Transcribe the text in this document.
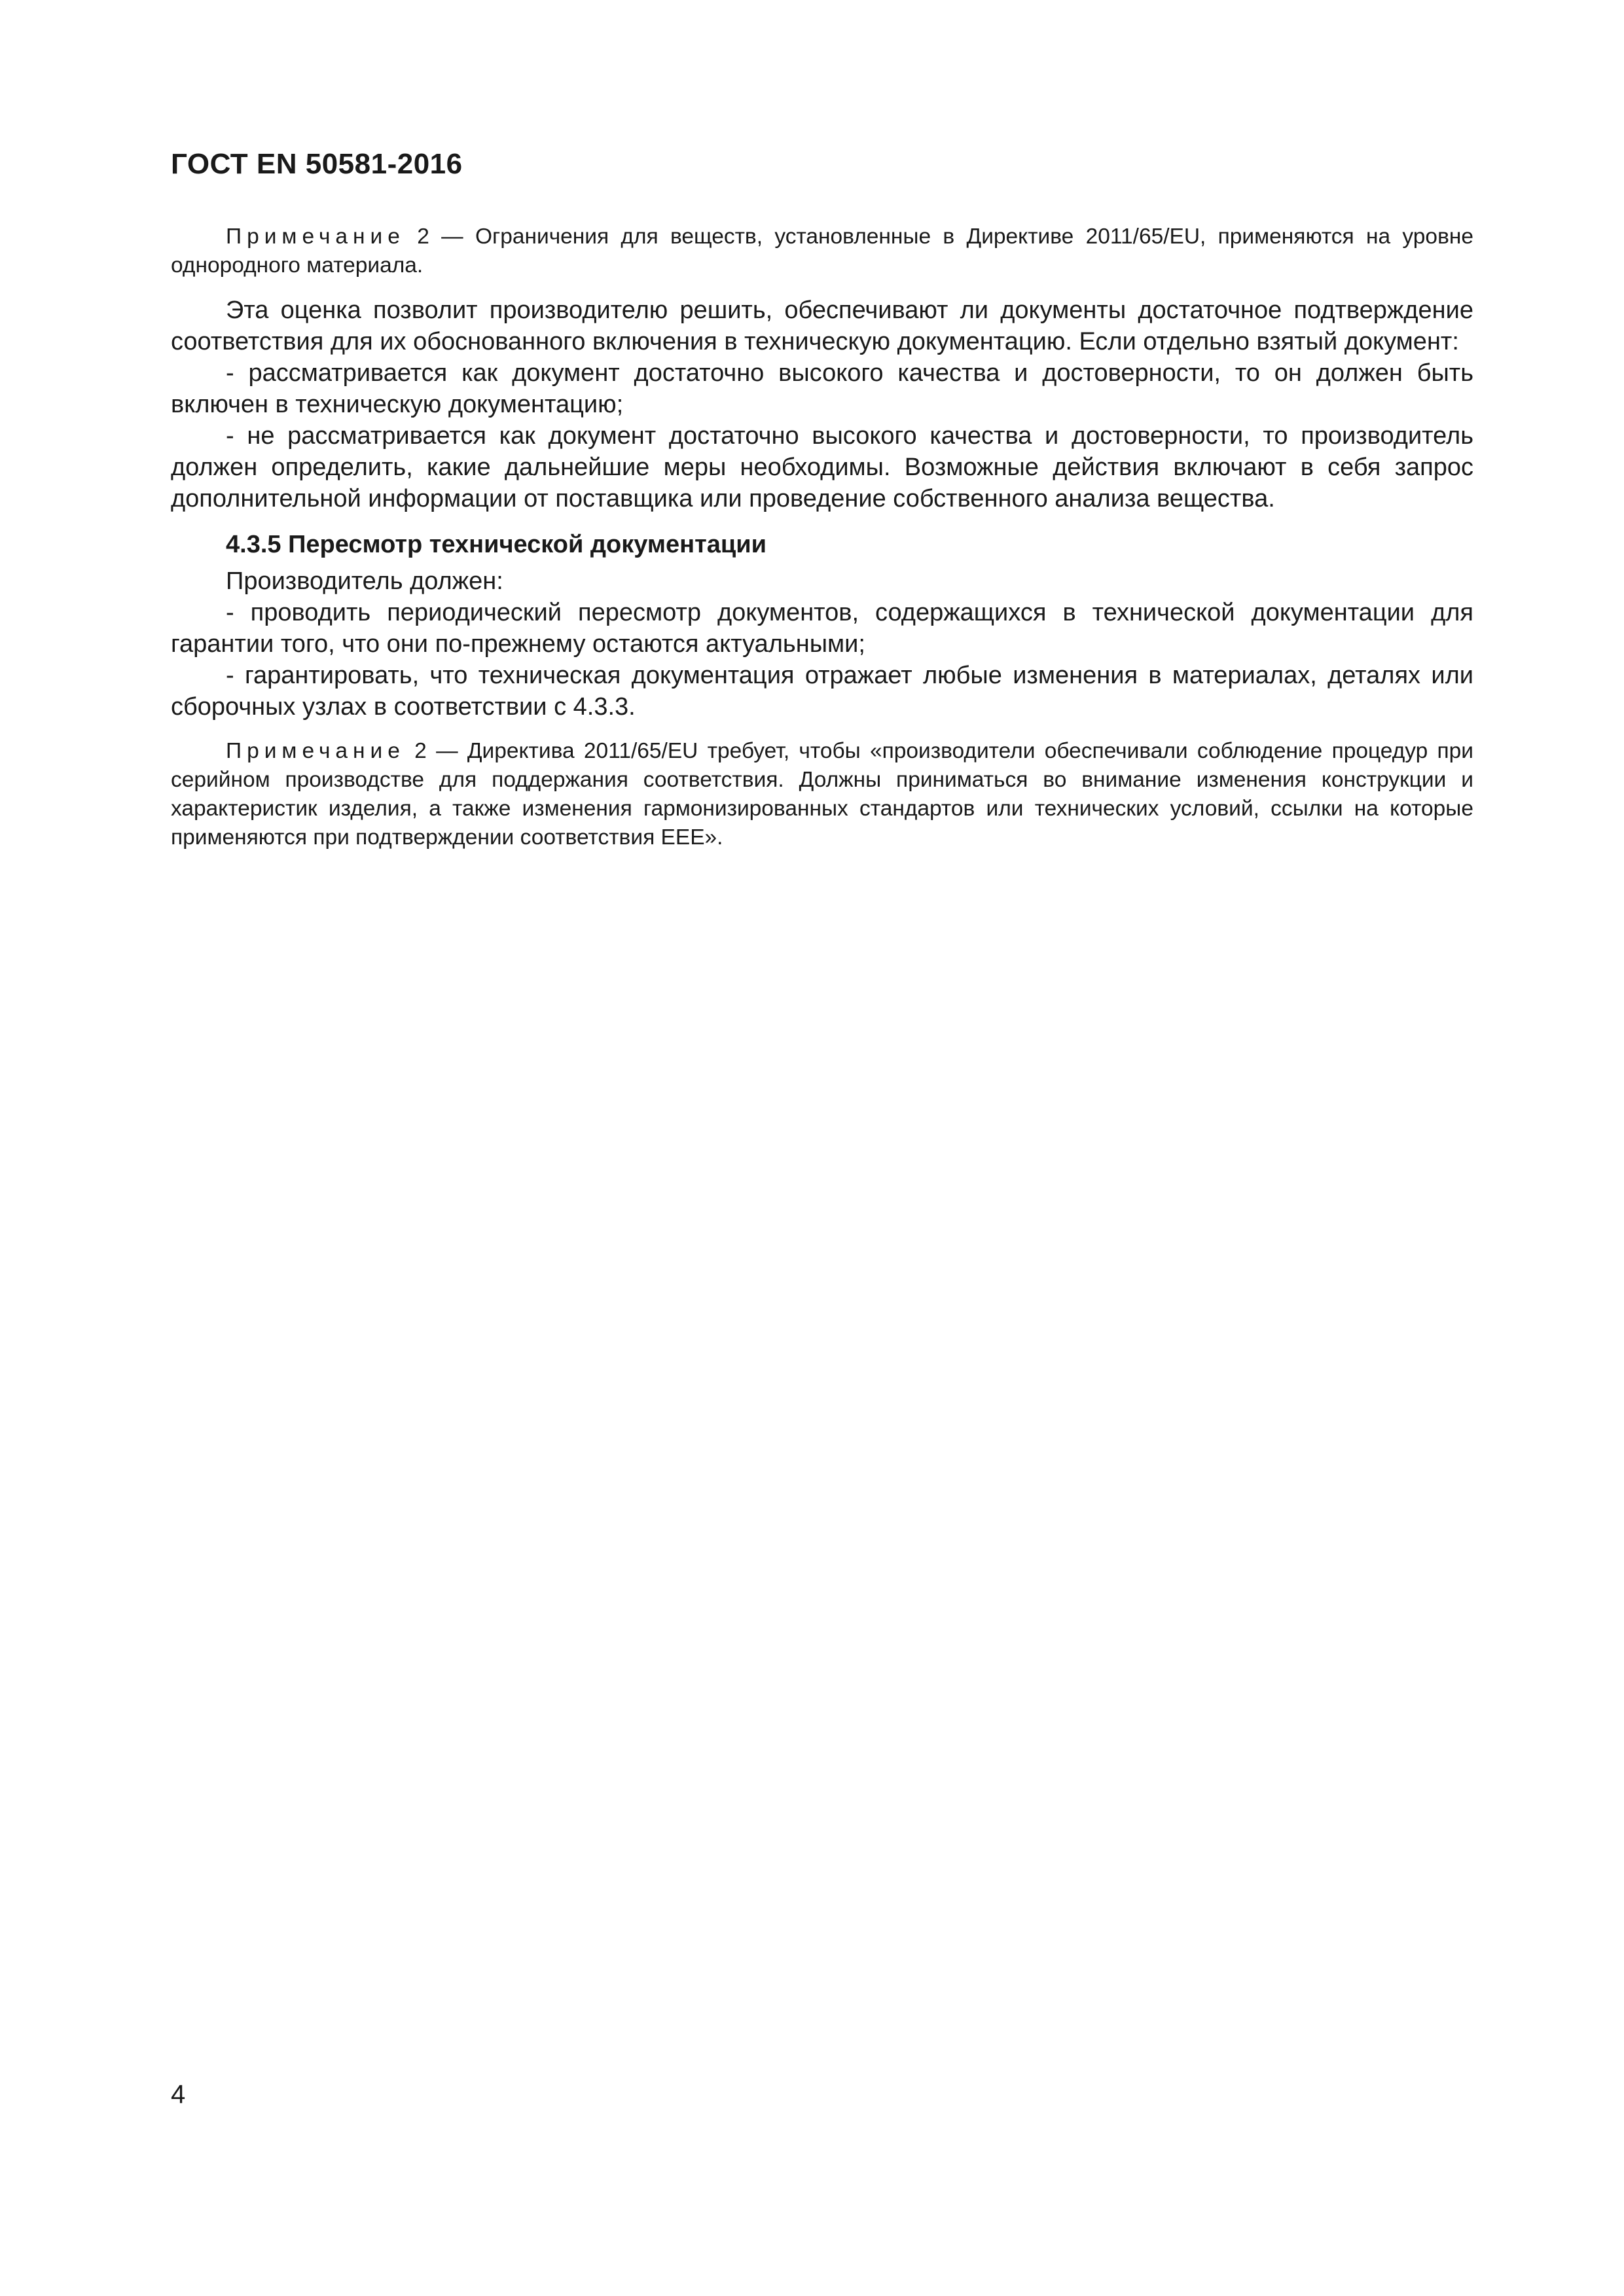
ГОСТ EN 50581-2016

Примечание 2 — Ограничения для веществ, установленные в Директиве 2011/65/EU, применяются на уровне однородного материала.

Эта оценка позволит производителю решить, обеспечивают ли документы достаточное подтверждение соответствия для их обоснованного включения в техническую документацию. Если отдельно взятый документ:

- рассматривается как документ достаточно высокого качества и достоверности, то он должен быть включен в техническую документацию;

- не рассматривается как документ достаточно высокого качества и достоверности, то производитель должен определить, какие дальнейшие меры необходимы. Возможные действия включают в себя запрос дополнительной информации от поставщика или проведение собственного анализа вещества.

4.3.5 Пересмотр технической документации

Производитель должен:

- проводить периодический пересмотр документов, содержащихся в технической документации для гарантии того, что они по-прежнему остаются актуальными;

- гарантировать, что техническая документация отражает любые изменения в материалах, деталях или сборочных узлах в соответствии с 4.3.3.

Примечание 2 — Директива 2011/65/EU требует, чтобы «производители обеспечивали соблюдение процедур при серийном производстве для поддержания соответствия. Должны приниматься во внимание изменения конструкции и характеристик изделия, а также изменения гармонизированных стандартов или технических условий, ссылки на которые применяются при подтверждении соответствия EEE».

4
